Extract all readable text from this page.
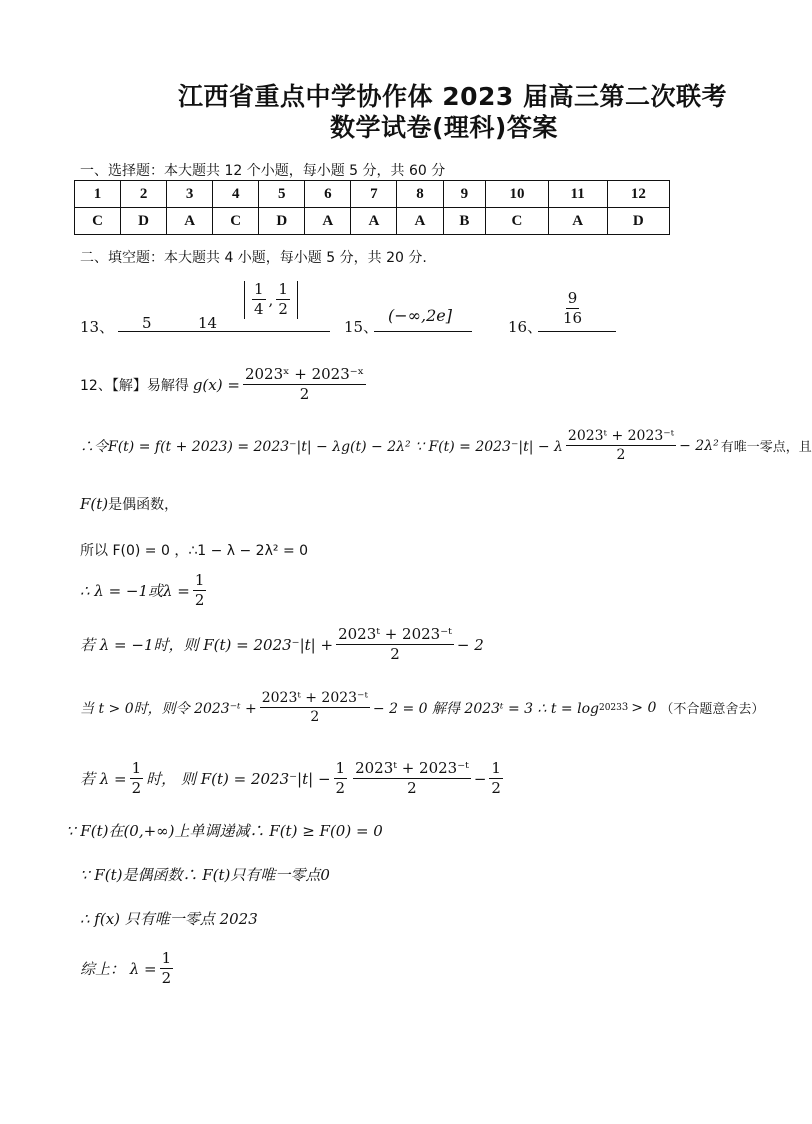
江西省重点中学协作体 2023 届高三第二次联考
数学试卷(理科)答案
一、选择题：本大题共 12 个小题，每小题 5 分，共 60 分
1	2	3	4	5	6	7	8	9	10	11	12
C	D	A	C	D	A	A	A	B	C	A	D
二、填空题：本大题共 4 小题，每小题 5 分，共 20 分.
13、 5	14
$\frac{1}{4}$ , $\frac{1}{2}$
15、
(−∞,2e]
16、 $\frac{9}{16}$
12、【解】易解得 $g(x) = \frac{\text{2023ˣ + 2023⁻ˣ}}{2}$
∴令F(t) = f(t + 2023) = 2023⁻|t| − λg(t) − 2λ² ∵ F(t) = 2023⁻|t| − λ $\frac{\text{2023ᵗ + 2023⁻ᵗ}}{2} - 2\lambda^2$ 有唯一零点，且
F(t) 是偶函数，
所以 F(0) = 0 ，∴1 − λ − 2λ² = 0
∴ λ = −1或$\lambda = \frac{1}{2}$
若 λ = −1时，则 $F(t) = 2023^-|t| + \frac{\text{2023ᵗ + 2023⁻ᵗ}}{2} - 2$
当 t > 0时，则令 2023⁻ᵗ + $\frac{\text{2023ᵗ + 2023⁻ᵗ}}{2} - 2 = 0$ 解得 2023ᵗ = 3 ∴ t = log 2023 3 > 0 （不合题意舍去）
若 $\lambda = \frac{1}{2}$ 时， 则 $F(t) = 2023^-|t| - \frac{1}{2} \frac{\text{2023ᵗ + 2023⁻ᵗ}}{2} - \frac{1}{2}$
∵ F(t)在(0,+∞)上单调递减∴ F(t) ≥ F(0) = 0
∵ F(t)是偶函数∴ F(t)只有唯一零点0
∴ f(x) 只有唯一零点 2023
综上： $\lambda = \frac{1}{2}$
